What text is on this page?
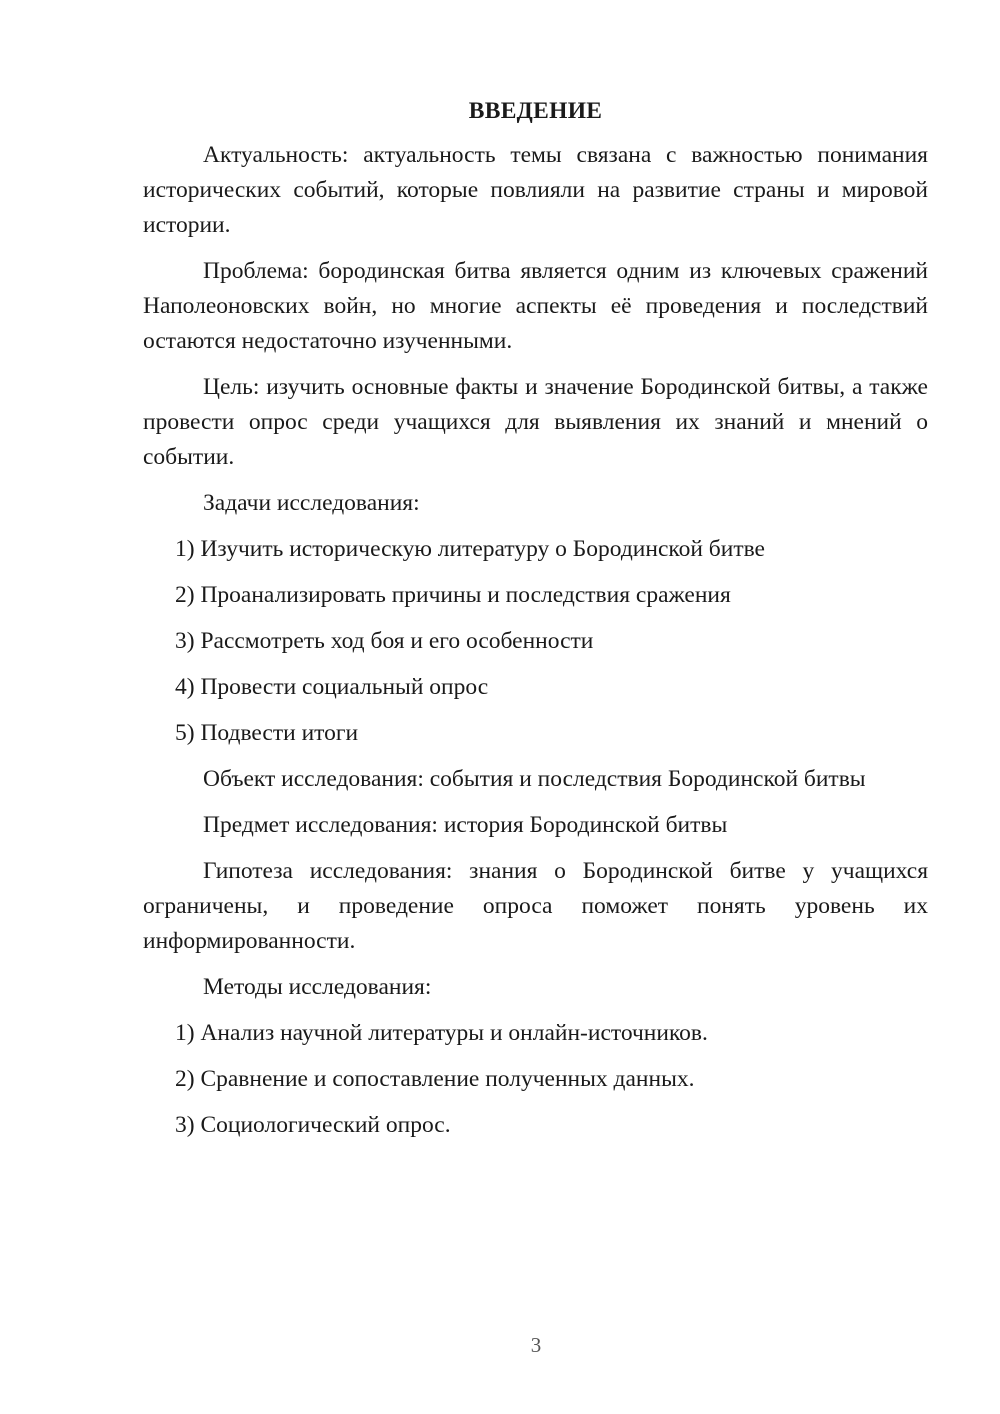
ВВЕДЕНИЕ

Актуальность: актуальность темы связана с важностью понимания исторических событий, которые повлияли на развитие страны и мировой истории.

Проблема: бородинская битва является одним из ключевых сражений Наполеоновских войн, но многие аспекты её проведения и последствий остаются недостаточно изученными.

Цель: изучить основные факты и значение Бородинской битвы, а также провести опрос среди учащихся для выявления их знаний и мнений о событии.

Задачи исследования:
1) Изучить историческую литературу о Бородинской битве
2) Проанализировать причины и последствия сражения
3) Рассмотреть ход боя и его особенности
4) Провести социальный опрос
5) Подвести итоги
Объект исследования: события и последствия Бородинской битвы
Предмет исследования: история Бородинской битвы

Гипотеза исследования: знания о Бородинской битве у учащихся ограничены, и проведение опроса поможет понять уровень их информированности.

Методы исследования:
1) Анализ научной литературы и онлайн-источников.
2) Сравнение и сопоставление полученных данных.
3) Социологический опрос.
3
